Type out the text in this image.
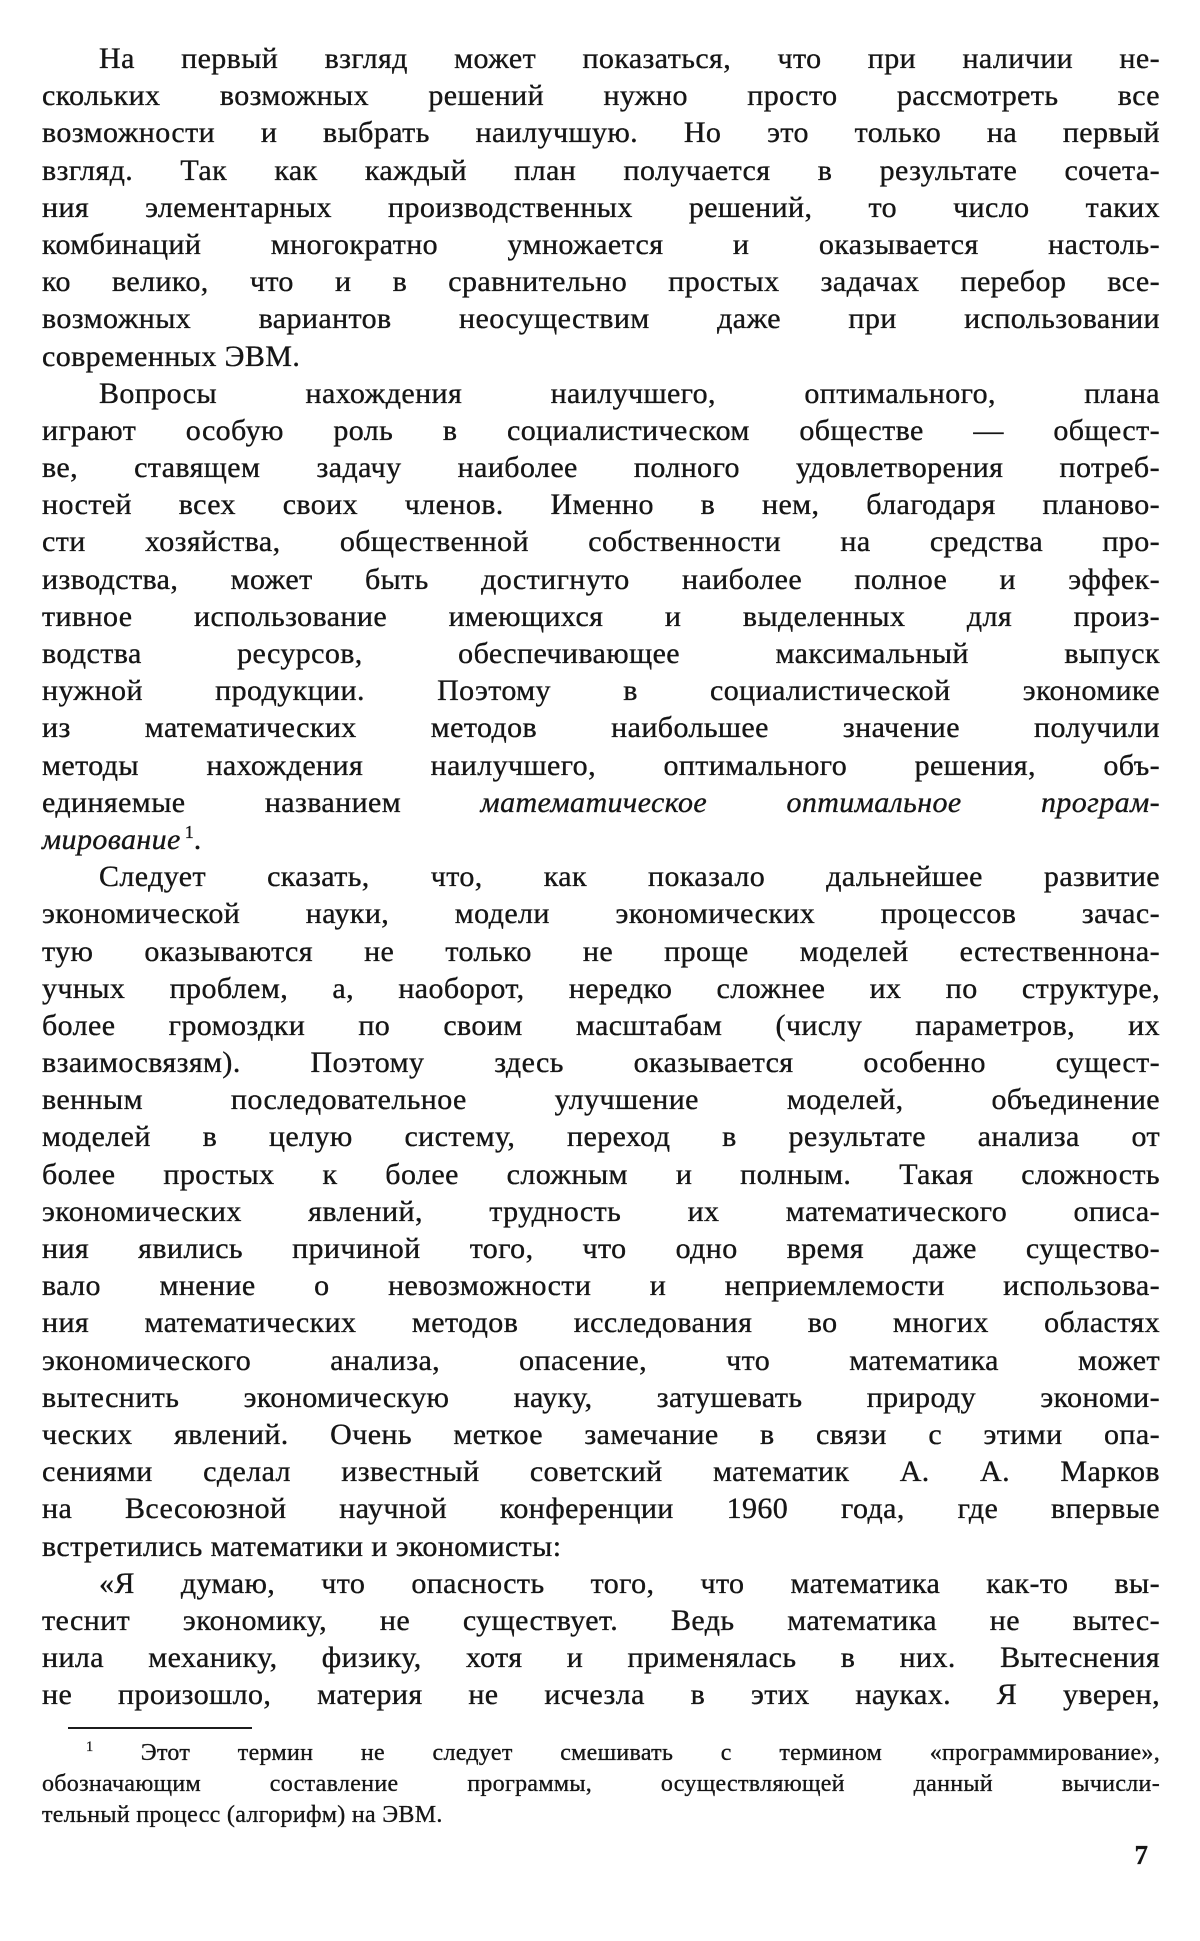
На первый взгляд может показаться, что при наличии не-
скольких возможных решений нужно просто рассмотреть все
возможности и выбрать наилучшую. Но это только на первый
взгляд. Так как каждый план получается в результате сочета-
ния элементарных производственных решений, то число таких
комбинаций многократно умножается и оказывается настоль-
ко велико, что и в сравнительно простых задачах перебор все-
возможных вариантов неосуществим даже при использовании
современных ЭВМ.
Вопросы нахождения наилучшего, оптимального, плана
играют особую роль в социалистическом обществе — общест-
ве, ставящем задачу наиболее полного удовлетворения потреб-
ностей всех своих членов. Именно в нем, благодаря планово-
сти хозяйства, общественной собственности на средства про-
изводства, может быть достигнуто наиболее полное и эффек-
тивное использование имеющихся и выделенных для произ-
водства ресурсов, обеспечивающее максимальный выпуск
нужной продукции. Поэтому в социалистической экономике
из математических методов наибольшее значение получили
методы нахождения наилучшего, оптимального решения, объ-
единяемые названием математическое оптимальное програм-
мирование $^1$.
Следует сказать, что, как показало дальнейшее развитие
экономической науки, модели экономических процессов зачас-
тую оказываются не только не проще моделей естественнона-
учных проблем, а, наоборот, нередко сложнее их по структуре,
более громоздки по своим масштабам (числу параметров, их
взаимосвязям). Поэтому здесь оказывается особенно сущест-
венным последовательное улучшение моделей, объединение
моделей в целую систему, переход в результате анализа от
более простых к более сложным и полным. Такая сложность
экономических явлений, трудность их математического описа-
ния явились причиной того, что одно время даже существо-
вало мнение о невозможности и неприемлемости использова-
ния математических методов исследования во многих областях
экономического анализа, опасение, что математика может
вытеснить экономическую науку, затушевать природу экономи-
ческих явлений. Очень меткое замечание в связи с этими опа-
сениями сделал известный советский математик А. А. Марков
на Всесоюзной научной конференции 1960 года, где впервые
встретились математики и экономисты:
«Я думаю, что опасность того, что математика как-то вы-
теснит экономику, не существует. Ведь математика не вытес-
нила механику, физику, хотя и применялась в них. Вытеснения
не произошло, материя не исчезла в этих науках. Я уверен,
$^1$ Этот термин не следует смешивать с термином «программирование»,
обозначающим составление программы, осуществляющей данный вычисли-
тельный процесс (алгорифм) на ЭВМ.
7
